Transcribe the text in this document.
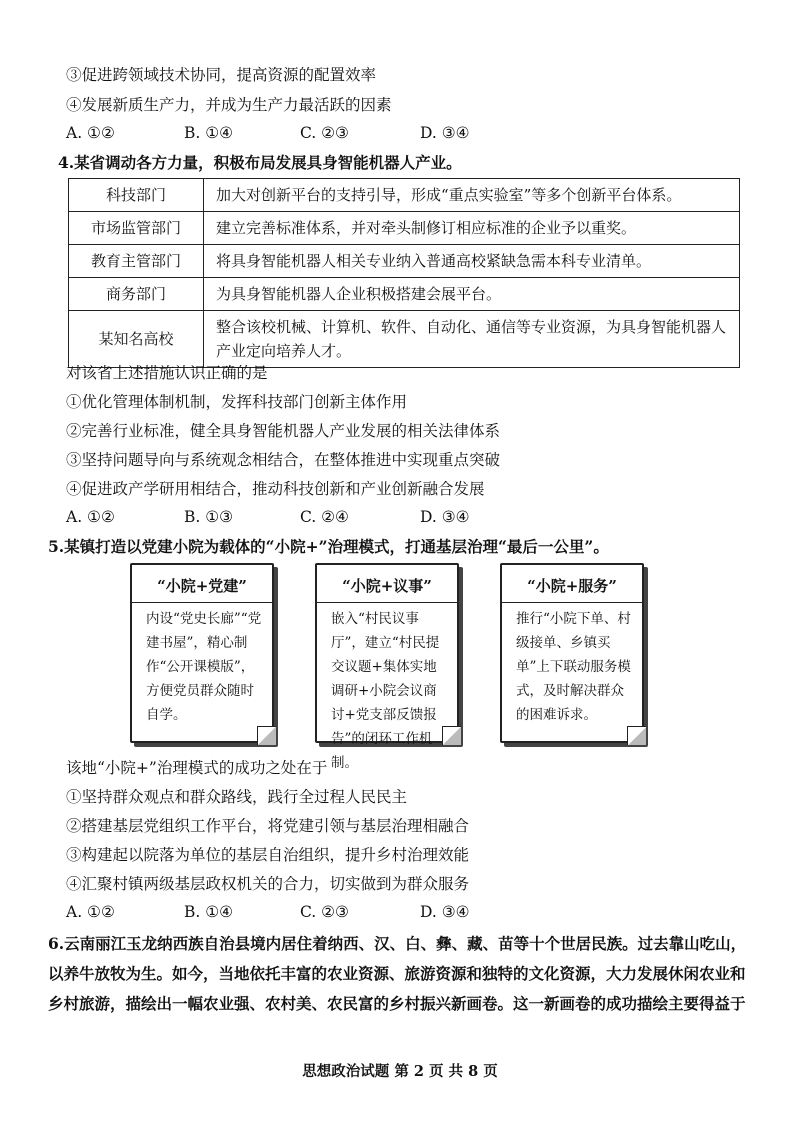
③促进跨领域技术协同，提高资源的配置效率
④发展新质生产力，并成为生产力最活跃的因素
A. ①②	B. ①④	C. ②③	D. ③④
4.某省调动各方力量，积极布局发展具身智能机器人产业。
科技部门	加大对创新平台的支持引导，形成“重点实验室”等多个创新平台体系。
市场监管部门	建立完善标准体系，并对牵头制修订相应标准的企业予以重奖。
教育主管部门	将具身智能机器人相关专业纳入普通高校紧缺急需本科专业清单。
商务部门	为具身智能机器人企业积极搭建会展平台。
某知名高校	整合该校机械、计算机、软件、自动化、通信等专业资源，为具身智能机器人产业定向培养人才。
对该省上述措施认识正确的是
①优化管理体制机制，发挥科技部门创新主体作用
②完善行业标准，健全具身智能机器人产业发展的相关法律体系
③坚持问题导向与系统观念相结合，在整体推进中实现重点突破
④促进政产学研用相结合，推动科技创新和产业创新融合发展
A. ①②	B. ①③	C. ②④	D. ③④
5.某镇打造以党建小院为载体的“小院+”治理模式，打通基层治理“最后一公里”。
“小院+党建”
内设“党史长廊”“党建书屋”，精心制作“公开课模版”，方便党员群众随时自学。
“小院+议事”
嵌入“村民议事厅”，建立“村民提交议题+集体实地调研+小院会议商讨+党支部反馈报告”的闭环工作机制。
“小院+服务”
推行“小院下单、村级接单、乡镇买单”上下联动服务模式，及时解决群众的困难诉求。
该地“小院+”治理模式的成功之处在于
①坚持群众观点和群众路线，践行全过程人民民主
②搭建基层党组织工作平台，将党建引领与基层治理相融合
③构建起以院落为单位的基层自治组织，提升乡村治理效能
④汇聚村镇两级基层政权机关的合力，切实做到为群众服务
A. ①②	B. ①④	C. ②③	D. ③④
6.云南丽江玉龙纳西族自治县境内居住着纳西、汉、白、彝、藏、苗等十个世居民族。过去靠山吃山，以养牛放牧为生。如今，当地依托丰富的农业资源、旅游资源和独特的文化资源，大力发展休闲农业和乡村旅游，描绘出一幅农业强、农村美、农民富的乡村振兴新画卷。这一新画卷的成功描绘主要得益于
思想政治试题 第 2 页 共 8 页
